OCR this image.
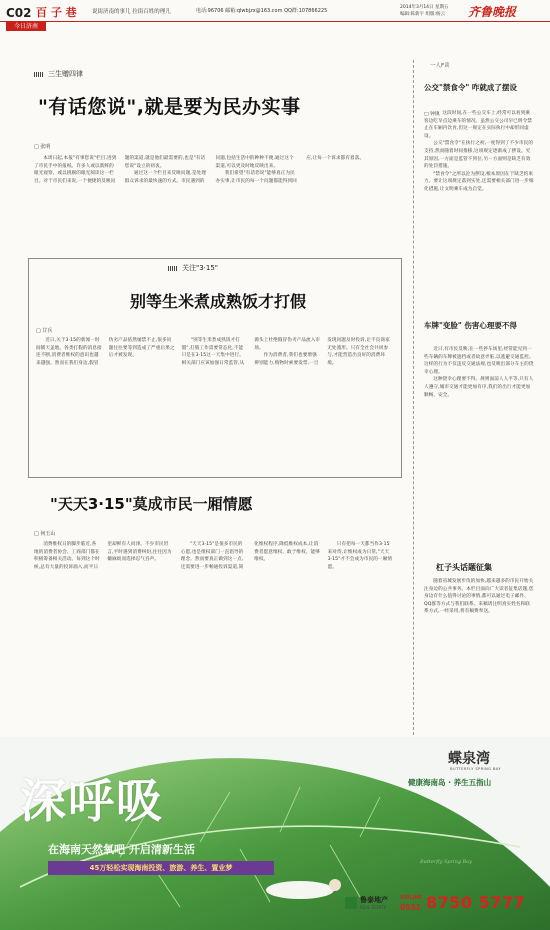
C02 百 子 巷	说街济南的事儿 拉街百姓的理儿	电话:96706 邮箱:qlwbjzx@163.com QQ群:107866225
2014年3月14日 星期五
编辑:陈新宇 组版:杨云 齐鲁晚报
今日济南
三生赠四律
"有话您说",就是要为民办实事
□ 张明

本周日起,本报"有事您说"栏目,进到了市民手中的报纸。许多人或以新鲜的眼光观察、或以挑剔的眼光阅读这一栏目。对于市民们来说,一个便捷的反映问题的渠道,就是他们最需要的,也是"有话您说"设立的初衷。

通过这一个栏目来反映问题,是处理群众诉求的最快速的方式。市民遇到的问题,包括生活中的种种不便,通过这个渠道,可以更及时地反映出来。

我们希望"有话您说"能够真正为民办实事,让市民的每一个问题都能得到回应,让每一个诉求都有着落。

一人F谈
公交"禁食令" 咋就成了摆设
□ 钟镇 这段时间,在一些公交车上,经常可以看到乘客边吃早点边乘车的情况。虽然公交公司早已明令禁止在车厢内饮食,但这一规定在实际执行中却形同虚设。

公交"禁食令"在执行之初,一度得到了不少市民的支持,然而随着时间推移,这项规定逐渐成了摆设。究其原因,一方面是监管不到位,另一方面则是缺乏有效的处罚措施。

"禁食令"之所以沦为摆设,根本原因在于缺乏约束力。要让这项规定落到实处,还需要相关部门进一步细化措施,让文明乘车成为自觉。

车牌"变脸" 伤害心理要不得

近日,有市民反映,在一些停车场里,经常能见到一些车辆的车牌被遮挡或者故意弄脏,以逃避交通监控。这样的行为不仅违反交通法规,也反映出部分车主的侥幸心理。

这种侥幸心理要不得。规则面前人人平等,只有人人遵守,城市交通才能更加有序,我们的出行才能更加顺畅、安全。

杠子头话题征集

随着省城发展步伐的加快,越来越多的市民开始关注身边的公共事务。本栏目面向广大读者征集话题,您身边有什么值得讨论的事情,都可以通过电子邮件、QQ群等方式与我们联系。来稿请注明真实姓名和联系方式,一经采用,将有稿费奉送。

关注"3·15"
别等生米煮成熟饭才打假
□ 甘兵

近日,关于3·15的新闻一时间铺天盖地。各类打假的消息接连不断,消费者维权的意识也越来越强。然而在我们身边,假冒伪劣产品依然屡禁不止,很多问题往往要等到造成了严重后果之后才被发现。

"别等生米煮成熟饭才打假",打假工作需要常态化,不能只是在3·15这一天集中进行。相关部门应该加强日常监管,从源头上杜绝假冒伪劣产品流入市场。

作为消费者,我们也要增强辨别能力,购物时索要发票,一旦发现问题及时投诉,让不良商家无处遁形。只有全社会共同参与,才能营造出良好的消费环境。

"天天3·15"莫成市民一厢情愿
□ 何玉山

消费维权日的脚步临近,各地的消费者协会、工商部门都在积极筹备相关活动。每到这个时候,总有大量的投诉涌入,而平日里却鲜有人问津。不少市民坦言,平时遇到消费纠纷,往往因为嫌麻烦而选择忍气吞声。

"天天3·15"是很多市民的心愿,也是维权部门一直倡导的理念。然而要真正做到这一点,还需要进一步畅通投诉渠道,简化维权程序,降低维权成本,让消费者愿意维权、敢于维权、能够维权。

只有把每一天都当作3·15来对待,让维权成为日常,"天天3·15"才不会成为市民的一厢情愿。

深呼吸
在海南天然氧吧 开启清新生活
45万轻松实现海南投资、旅游、养生、置业梦
蝶泉湾
BUTTERFLY SPRING BAY
健康海南岛 · 养生五指山
Butterfly Spring Bay
鲁泰地产
REAL ESTATE
VIPLINE
0531 8750 5777
